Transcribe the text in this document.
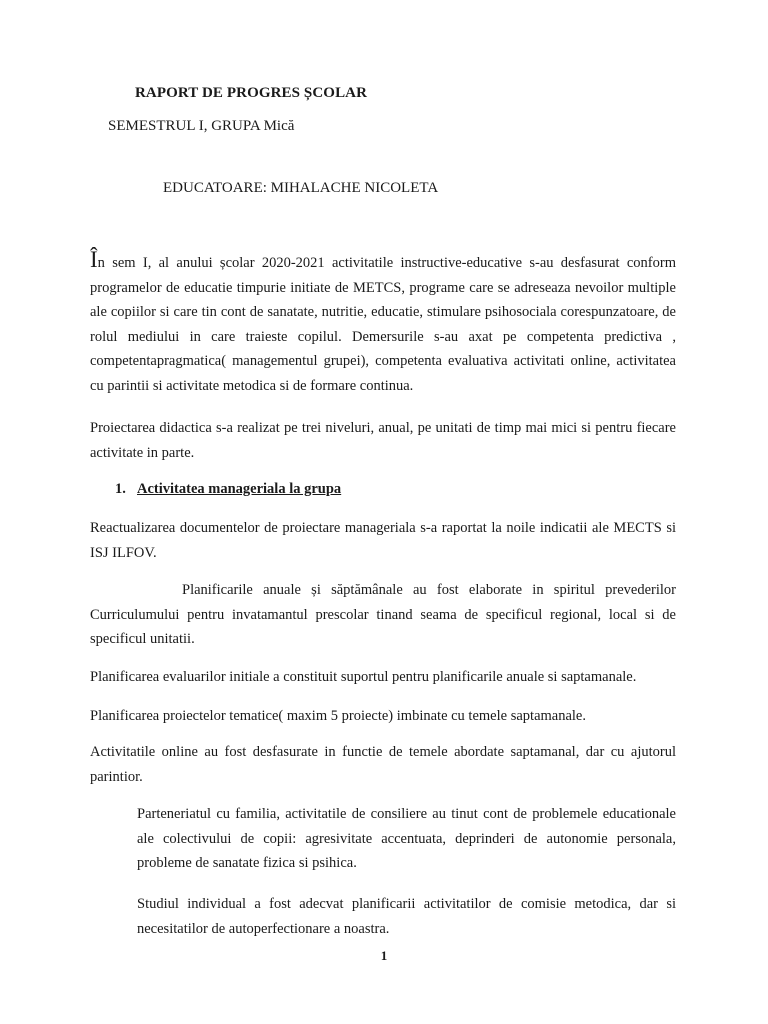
RAPORT DE PROGRES ȘCOLAR
SEMESTRUL I, GRUPA Mică
EDUCATOARE: MIHALACHE NICOLETA

În sem I, al anului școlar 2020-2021 activitatile instructive-educative s-au desfasurat conform programelor de educatie timpurie initiate de METCS, programe care se adreseaza nevoilor multiple ale copiilor si care tin cont de sanatate, nutritie, educatie, stimulare psihosociala corespunzatoare, de rolul mediului in care traieste copilul. Demersurile s-au axat pe competenta predictiva , competentapragmatica( managementul grupei), competenta evaluativa activitati online, activitatea cu parintii si activitate metodica si de formare continua.

Proiectarea didactica s-a realizat pe trei niveluri, anual, pe unitati de timp mai mici si pentru fiecare activitate in parte.

1. Activitatea manageriala la grupa

Reactualizarea documentelor de proiectare manageriala s-a raportat la noile indicatii ale MECTS si ISJ ILFOV.

Planificarile anuale și săptămânale au fost elaborate in spiritul prevederilor Curriculumului pentru invatamantul prescolar tinand seama de specificul regional, local si de specificul unitatii.

Planificarea evaluarilor initiale a constituit suportul pentru planificarile anuale si saptamanale.

Planificarea proiectelor tematice( maxim 5 proiecte) imbinate cu temele saptamanale.

Activitatile online au fost desfasurate in functie de temele abordate saptamanal, dar cu ajutorul parintior.

Parteneriatul cu familia, activitatile de consiliere au tinut cont de problemele educationale ale colectivului de copii: agresivitate accentuata, deprinderi de autonomie personala, probleme de sanatate fizica si psihica.

Studiul individual a fost adecvat planificarii activitatilor de comisie metodica, dar si necesitatilor de autoperfectionare a noastra.

1
